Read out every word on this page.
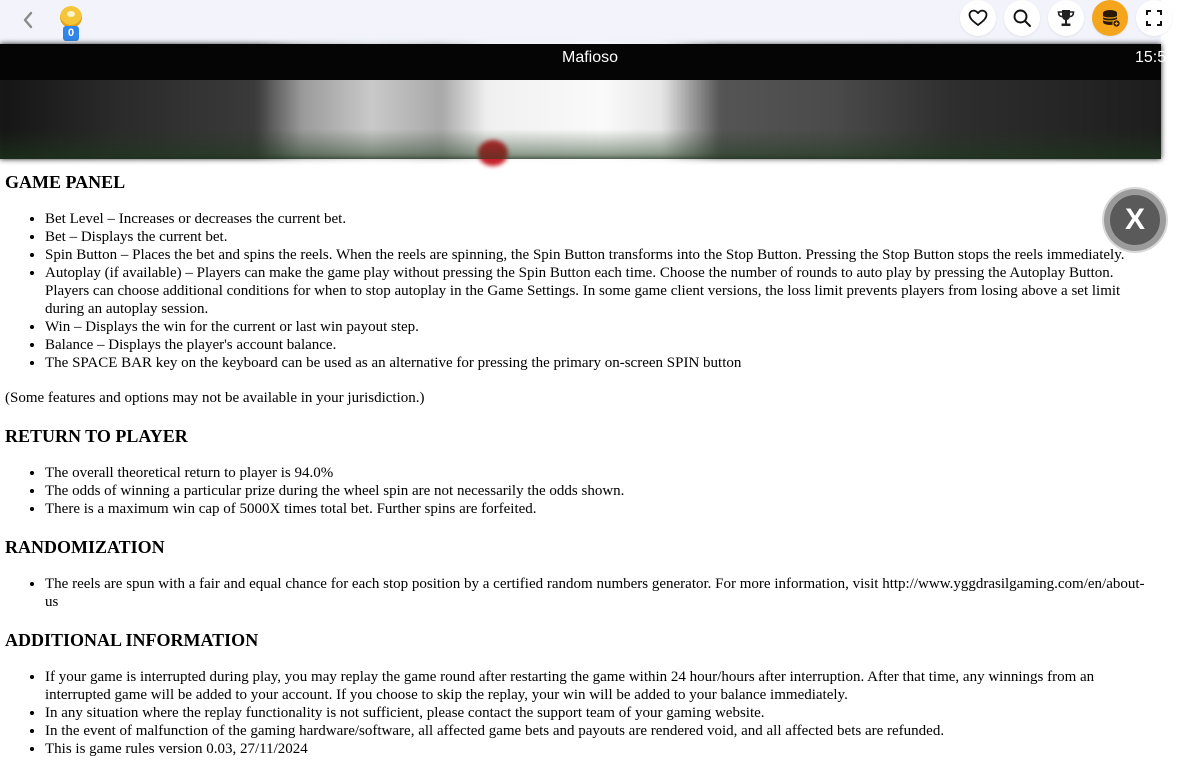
0
Mafioso	15:5
X
GAME PANEL
• Bet Level – Increases or decreases the current bet.
• Bet – Displays the current bet.
• Spin Button – Places the bet and spins the reels. When the reels are spinning, the Spin Button transforms into the Stop Button. Pressing the Stop Button stops the reels immediately.
• Autoplay (if available) – Players can make the game play without pressing the Spin Button each time. Choose the number of rounds to auto play by pressing the Autoplay Button. Players can choose additional conditions for when to stop autoplay in the Game Settings. In some game client versions, the loss limit prevents players from losing above a set limit during an autoplay session.
• Win – Displays the win for the current or last win payout step.
• Balance – Displays the player's account balance.
• The SPACE BAR key on the keyboard can be used as an alternative for pressing the primary on-screen SPIN button

(Some features and options may not be available in your jurisdiction.)

RETURN TO PLAYER
• The overall theoretical return to player is 94.0%
• The odds of winning a particular prize during the wheel spin are not necessarily the odds shown.
• There is a maximum win cap of 5000X times total bet. Further spins are forfeited.
RANDOMIZATION
• The reels are spun with a fair and equal chance for each stop position by a certified random numbers generator. For more information, visit http://www.yggdrasilgaming.com/en/about-us
ADDITIONAL INFORMATION
• If your game is interrupted during play, you may replay the game round after restarting the game within 24 hour/hours after interruption. After that time, any winnings from an interrupted game will be added to your account. If you choose to skip the replay, your win will be added to your balance immediately.
• In any situation where the replay functionality is not sufficient, please contact the support team of your gaming website.
• In the event of malfunction of the gaming hardware/software, all affected game bets and payouts are rendered void, and all affected bets are refunded.
• This is game rules version 0.03, 27/11/2024
